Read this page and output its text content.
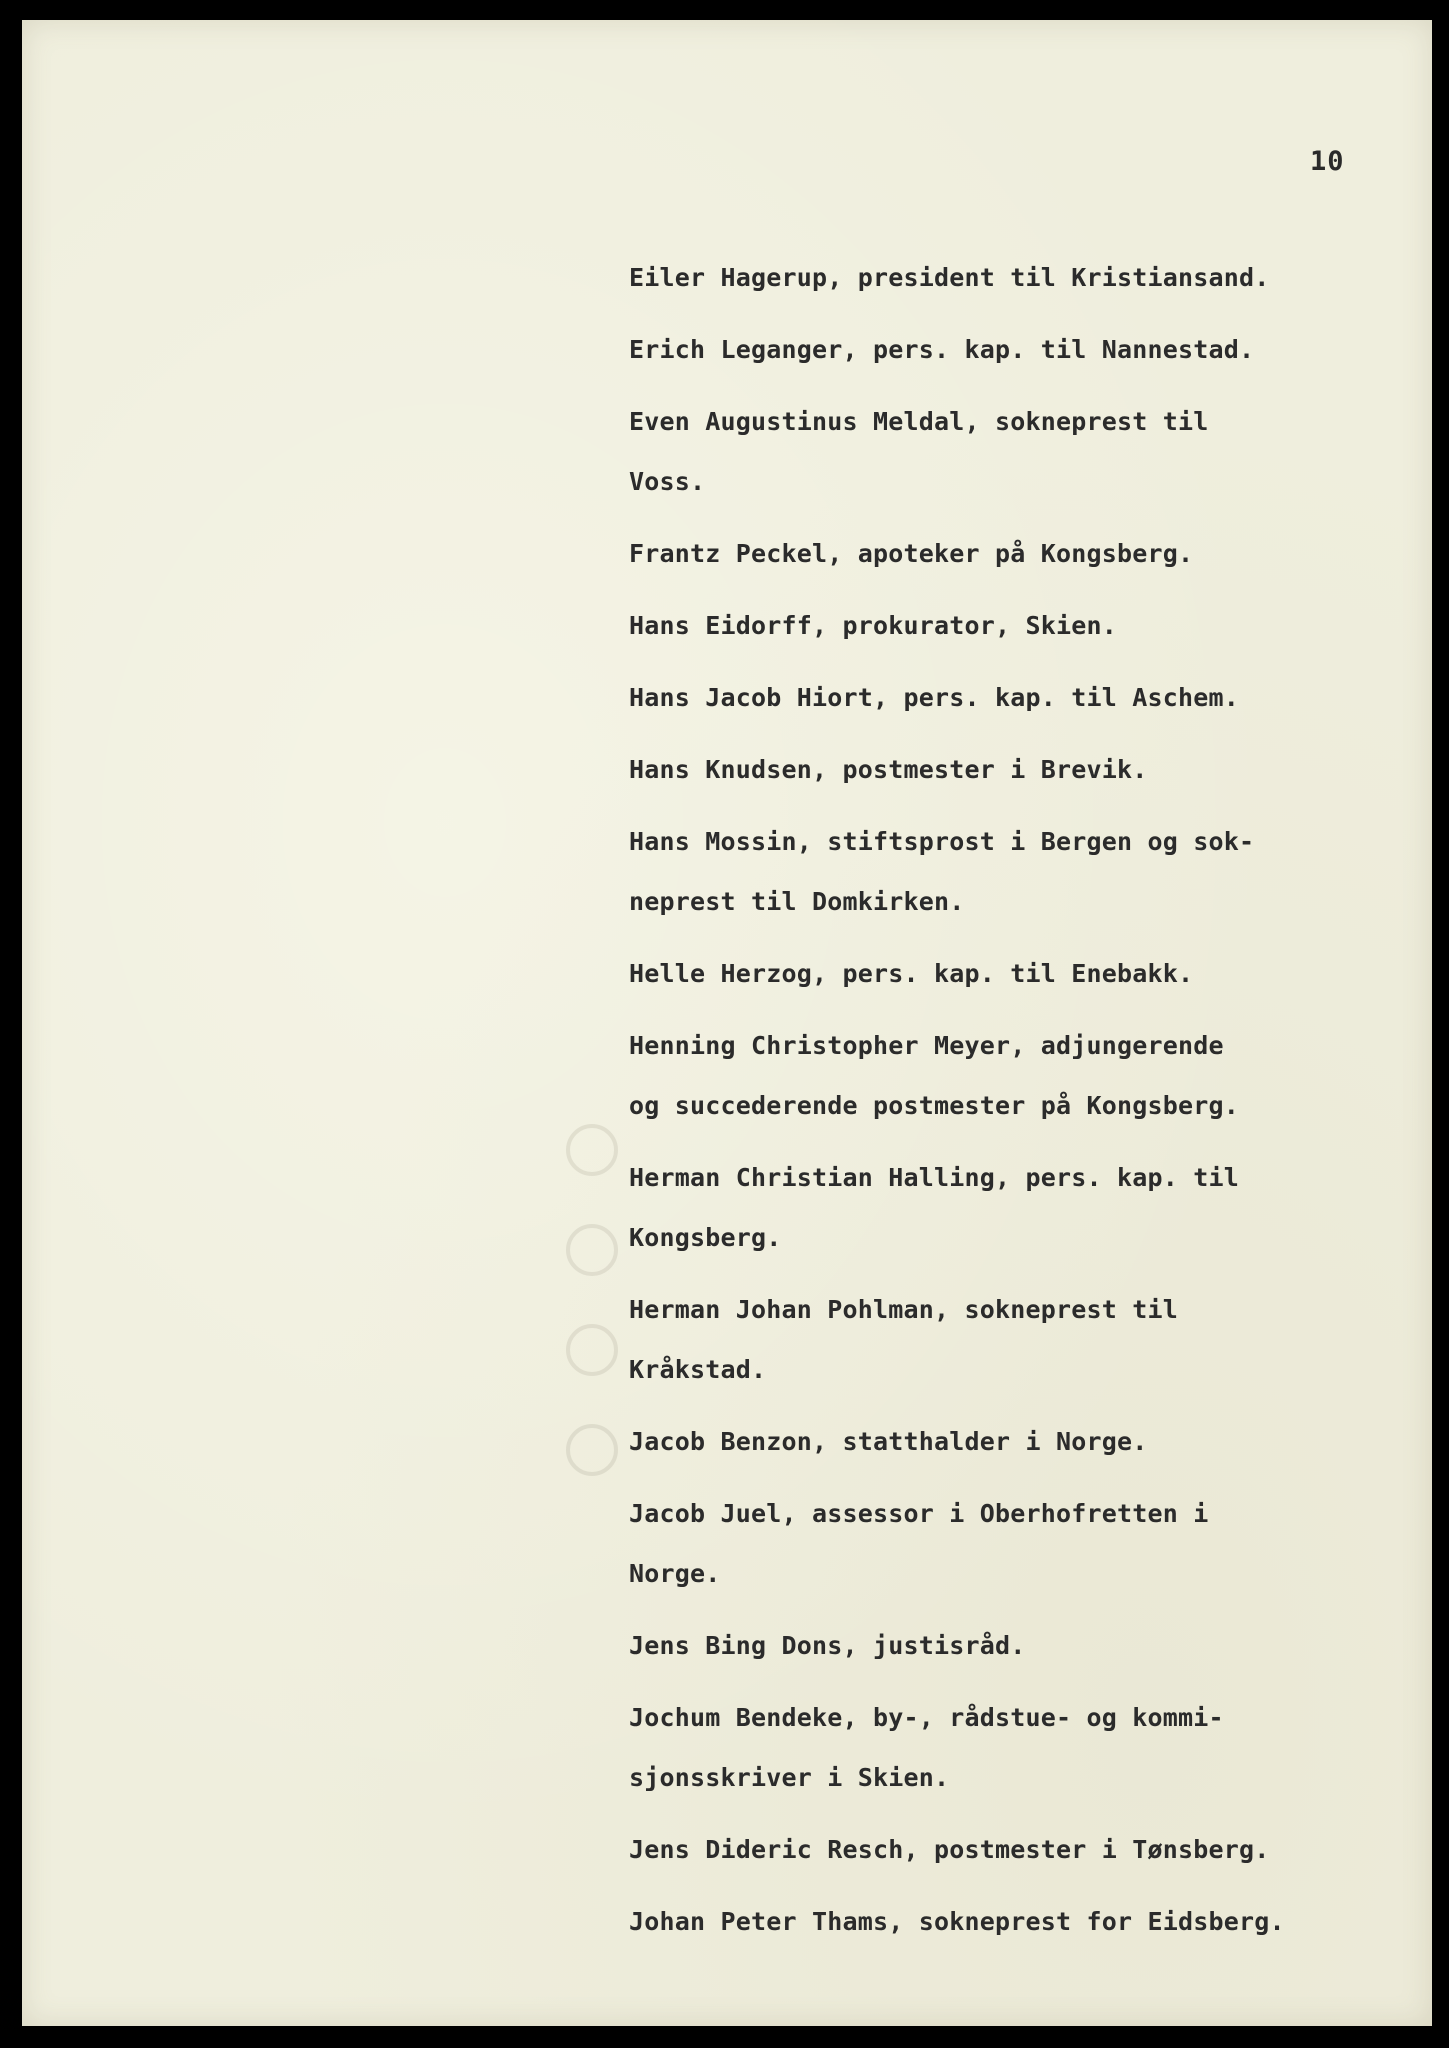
10
Eiler Hagerup, president til Kristiansand.
Erich Leganger, pers. kap. til Nannestad.
Even Augustinus Meldal, sokneprest til
Voss.
Frantz Peckel, apoteker på Kongsberg.
Hans Eidorff, prokurator, Skien.
Hans Jacob Hiort, pers. kap. til Aschem.
Hans Knudsen, postmester i Brevik.
Hans Mossin, stiftsprost i Bergen og sok-
neprest til Domkirken.
Helle Herzog, pers. kap. til Enebakk.
Henning Christopher Meyer, adjungerende
og succederende postmester på Kongsberg.
Herman Christian Halling, pers. kap. til
Kongsberg.
Herman Johan Pohlman, sokneprest til
Kråkstad.
Jacob Benzon, statthalder i Norge.
Jacob Juel, assessor i Oberhofretten i
Norge.
Jens Bing Dons, justisråd.
Jochum Bendeke, by-, rådstue- og kommi-
sjonsskriver i Skien.
Jens Dideric Resch, postmester i Tønsberg.
Johan Peter Thams, sokneprest for Eidsberg.
